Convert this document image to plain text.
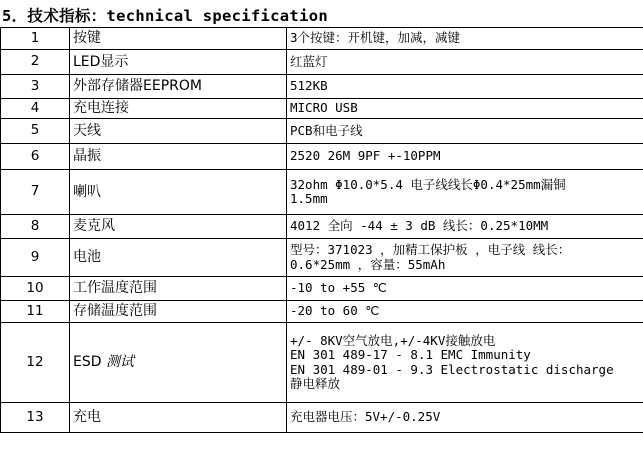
5．技术指标：technical specification
1	按键	3个按键：开机键，加减，减键

2	LED显示	红蓝灯

3	外部存储器EEPROM	512KB

4	充电连接	MICRO USB

5	天线	PCB和电子线

6	晶振	2520 26M 9PF +-10PPM

7	喇叭	32ohm Φ10.0*5.4 电子线线长Φ0.4*25mm漏铜
1.5mm

8	麦克风	4012 全向 -44 ± 3 dB 线长：0.25*10MM

9	电池	型号：371023 ，加精工保护板 ，电子线 线长：
0.6*25mm ，容量：55mAh

10	工作温度范围	-10 to +55 ℃

11	存储温度范围	-20 to 60 ℃

12	ESD 测试	+/- 8KV空气放电,+/-4KV接触放电
EN 301 489-17 - 8.1 EMC Immunity
EN 301 489-01 - 9.3 Electrostatic discharge
静电释放

13	充电	充电器电压：5V+/-0.25V
